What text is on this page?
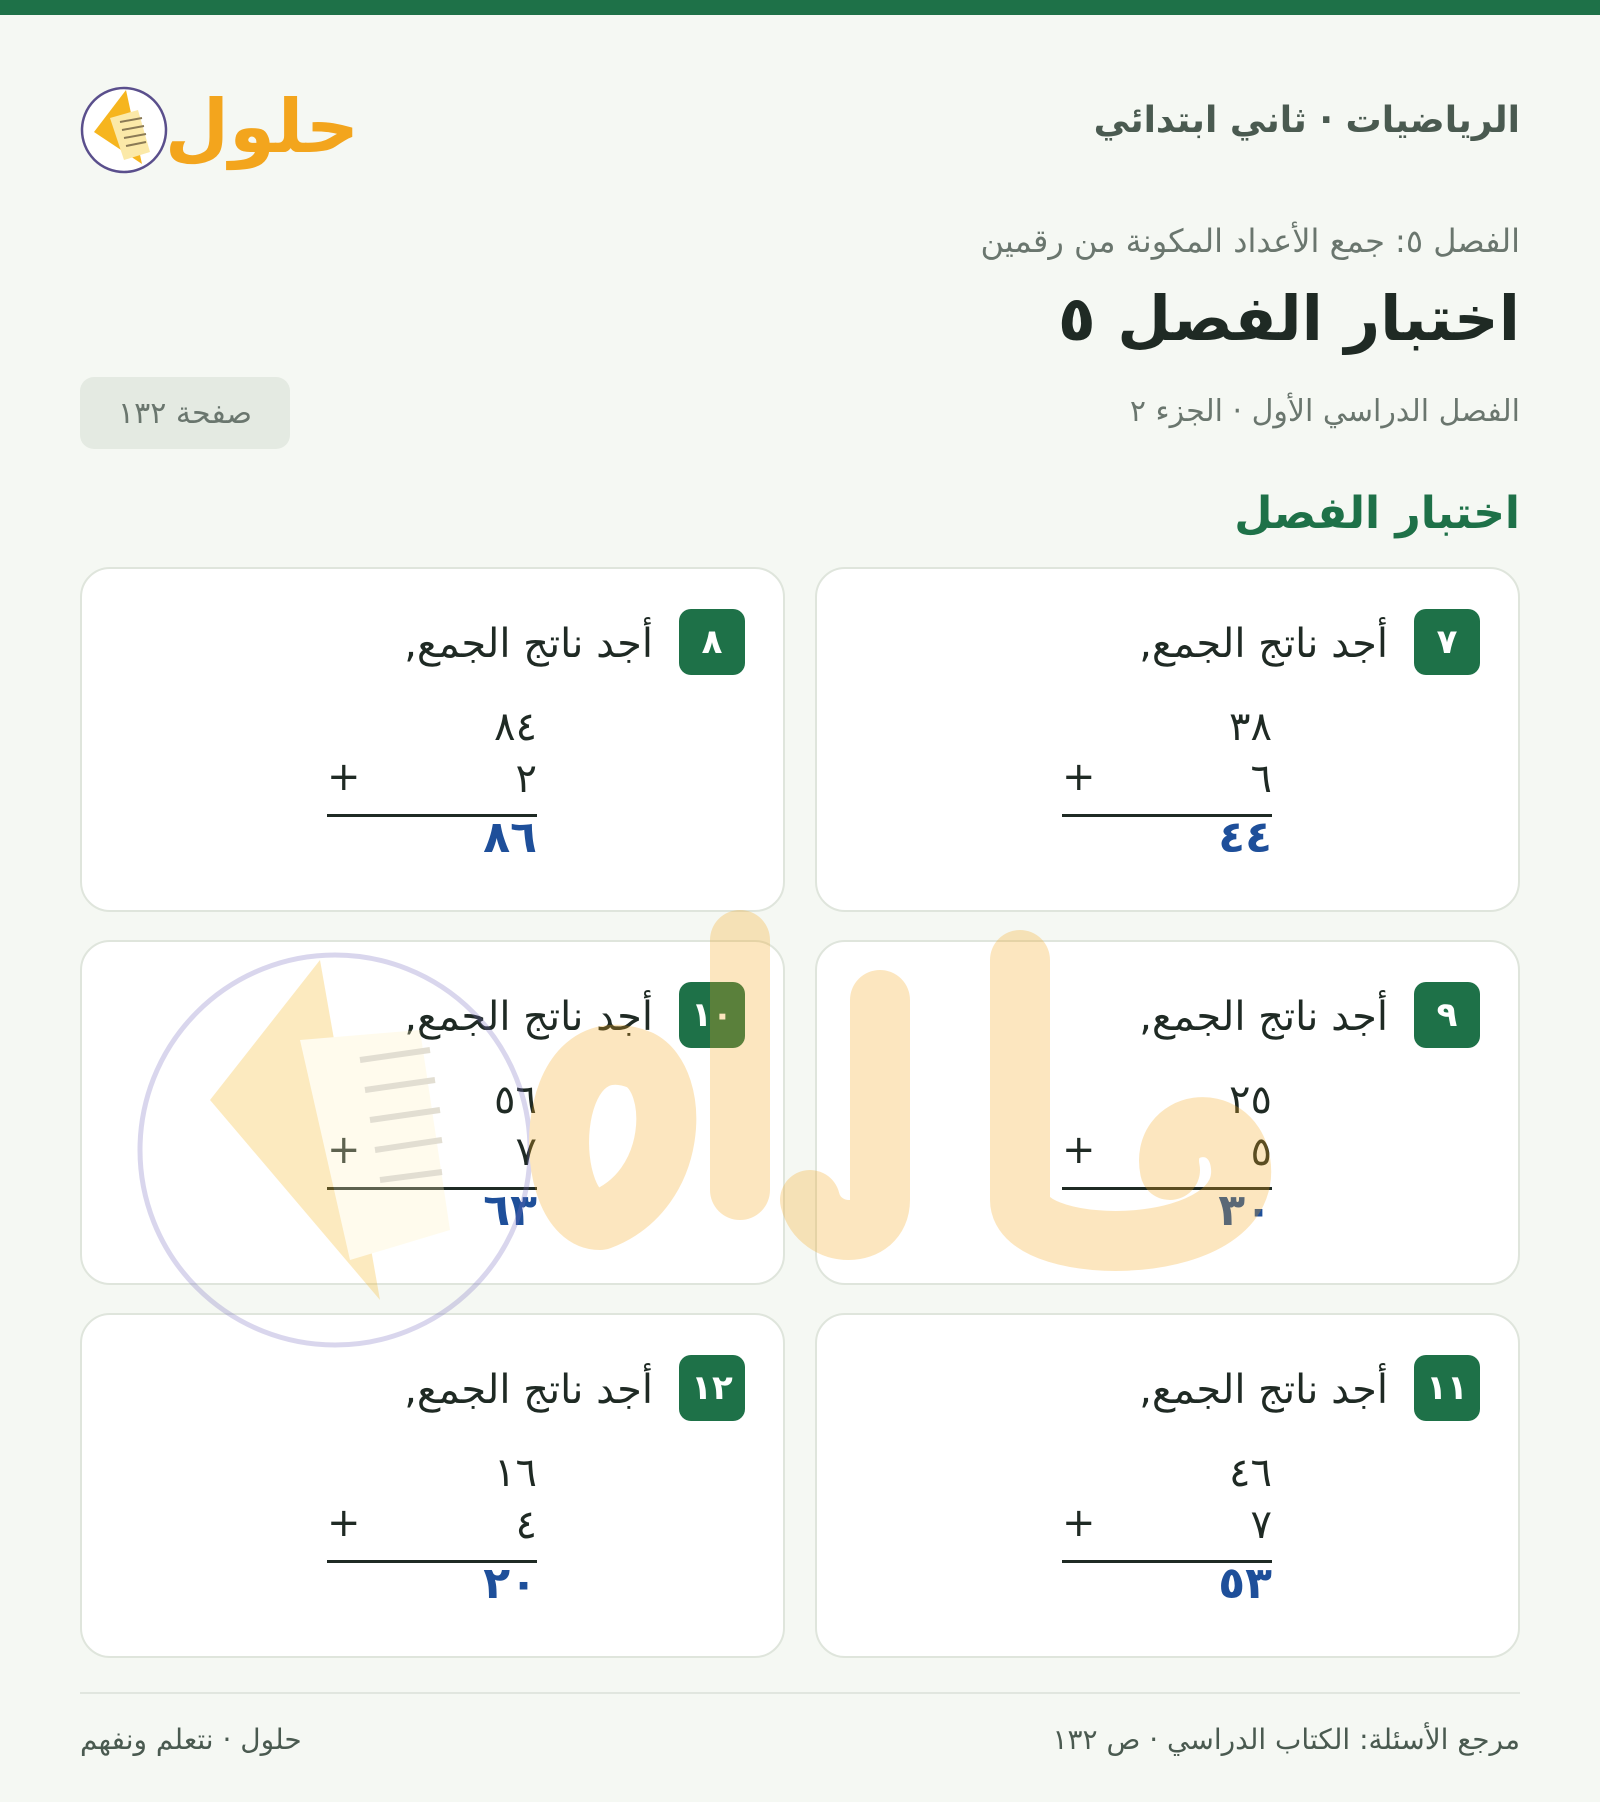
الرياضيات · ثاني ابتدائي
حلول
الفصل ٥: جمع الأعداد المكونة من رقمين
اختبار الفصل ٥
الفصل الدراسي الأول · الجزء ٢
صفحة ١٣٢
اختبار الفصل
٧
أجد ناتج الجمع,
٣٨
٦
+
٤٤
٨
أجد ناتج الجمع,
٨٤
٢
+
٨٦
٩
أجد ناتج الجمع,
٢٥
٥
+
٣٠
١٠
أجد ناتج الجمع,
٥٦
٧
+
٦٣
١١
أجد ناتج الجمع,
٤٦
٧
+
٥٣
١٢
أجد ناتج الجمع,
١٦
٤
+
٢٠
مرجع الأسئلة: الكتاب الدراسي · ص ١٣٢
حلول · نتعلم ونفهم
